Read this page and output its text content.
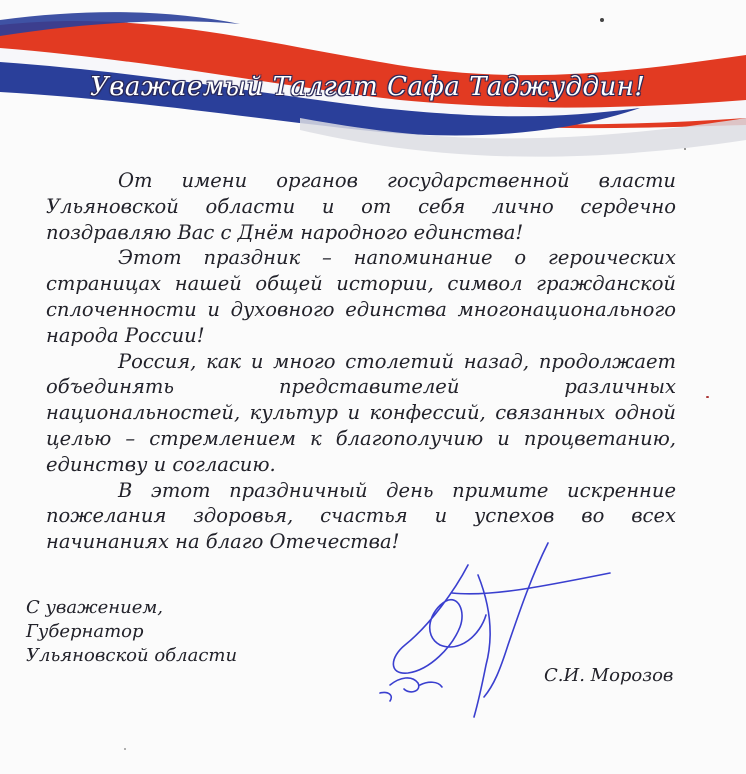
Уважаемый Талгат Сафа Таджуддин!

От имени органов государственной власти Ульяновской области и от себя лично сердечно поздравляю Вас с Днём народного единства!

Этот праздник – напоминание о героических страницах нашей общей истории, символ гражданской сплоченности и духовного единства многонационального народа России!

Россия, как и много столетий назад, продолжает объединять представителей различных национальностей, культур и конфессий, связанных одной целью – стремлением к благополучию и процветанию, единству и согласию.

В этот праздничный день примите искренние пожелания здоровья, счастья и успехов во всех начинаниях на благо Отечества!

С уважением,
Губернатор
Ульяновской области
С.И. Морозов
